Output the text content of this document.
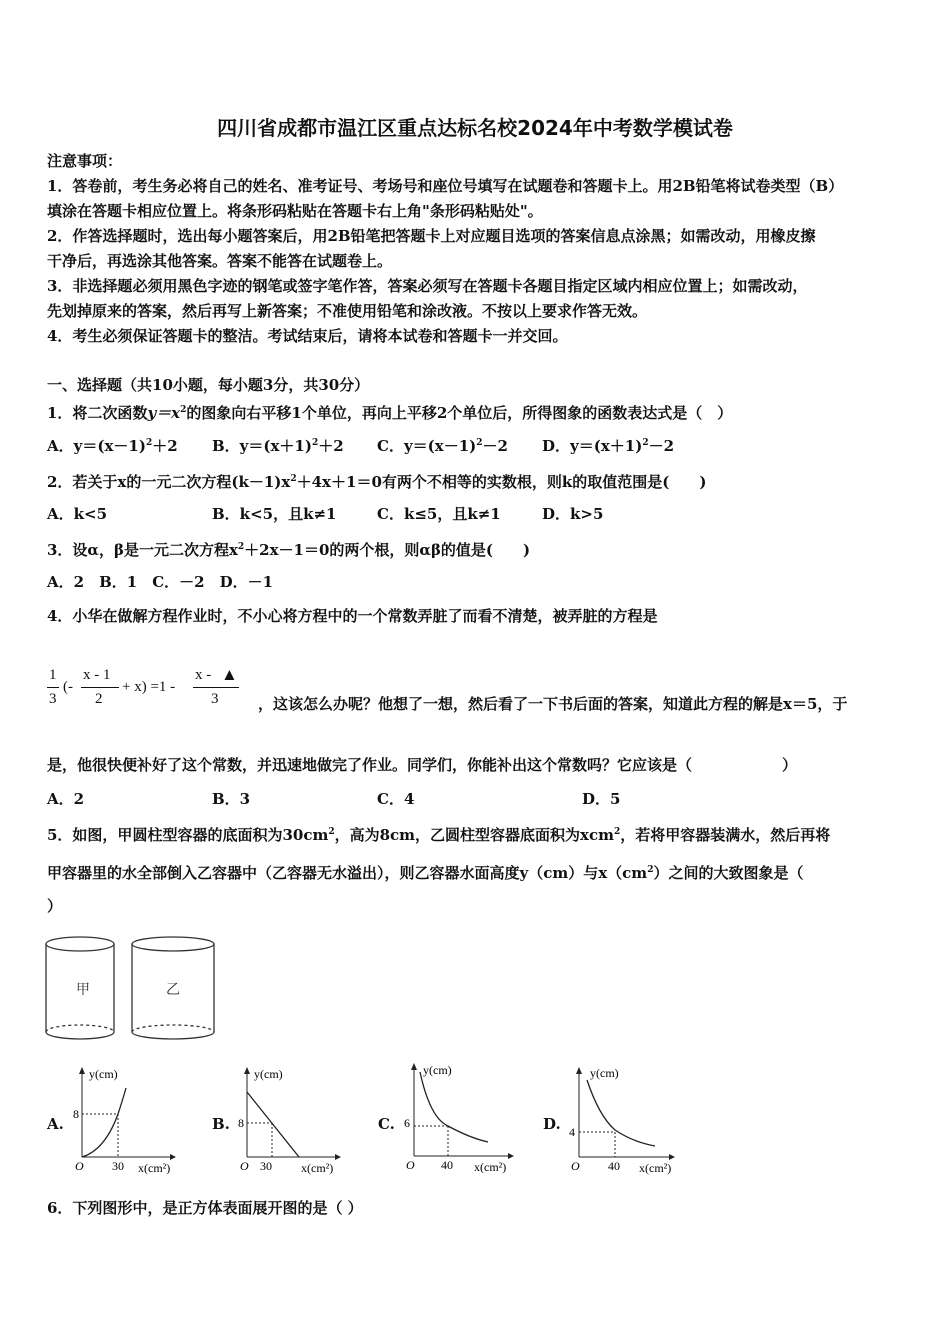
四川省成都市温江区重点达标名校2024年中考数学模试卷
注意事项：
1．答卷前，考生务必将自己的姓名、准考证号、考场号和座位号填写在试题卷和答题卡上。用2B铅笔将试卷类型（B）
填涂在答题卡相应位置上。将条形码粘贴在答题卡右上角"条形码粘贴处"。
2．作答选择题时，选出每小题答案后，用2B铅笔把答题卡上对应题目选项的答案信息点涂黑；如需改动，用橡皮擦
干净后，再选涂其他答案。答案不能答在试题卷上。
3．非选择题必须用黑色字迹的钢笔或签字笔作答，答案必须写在答题卡各题目指定区域内相应位置上；如需改动，
先划掉原来的答案，然后再写上新答案；不准使用铅笔和涂改液。不按以上要求作答无效。
4．考生必须保证答题卡的整洁。考试结束后，请将本试卷和答题卡一并交回。
一、选择题（共10小题，每小题3分，共30分）
1．将二次函数$y=x^2$的图象向右平移1个单位，再向上平移2个单位后，所得图象的函数表达式是（　）
A．$y=(x-1)^2+2$ B．$y=(x+1)^2+2$ C．$y=(x-1)^2-2$ D．$y=(x+1)^2-2$
2．若关于x的一元二次方程$(k-1)x^2+4x+1=0$有两个不相等的实数根，则k的取值范围是(　　)
A．k<5	B．k<5，且k≠1	C．k≤5，且k≠1	D．k>5
3．设α，β是一元二次方程$x^2+2x-1=0$的两个根，则αβ的值是(　　)
A．2　B．1　C．－2　D．－1
4．小华在做解方程作业时，不小心将方程中的一个常数弄脏了而看不清楚，被弄脏的方程是
1
3
(-
x - 1
2
+ x) =1 -
x - ▲
3	，这该怎么办呢？他想了一想，然后看了一下书后面的答案，知道此方程的解是x＝5，于
是，他很快便补好了这个常数，并迅速地做完了作业。同学们，你能补出这个常数吗？它应该是（　　　　　　）
A．2	B．3	C．4	D．5
5．如图，甲圆柱型容器的底面积为$30cm^2$，高为8cm，乙圆柱型容器底面积为xcm$^2$，若将甲容器装满水，然后再将
甲容器里的水全部倒入乙容器中（乙容器无水溢出），则乙容器水面高度y（cm）与$x(cm^2)$之间的大致图象是（
）
甲	乙
A.
y(cm)
8
O 30 x(cm²)
B.
y(cm)
8
O 30 x(cm²)
C.
y(cm)
6
O 40 x(cm²)
D.
y(cm)
4
O 40 x(cm²)
6．下列图形中，是正方体表面展开图的是（ ）
